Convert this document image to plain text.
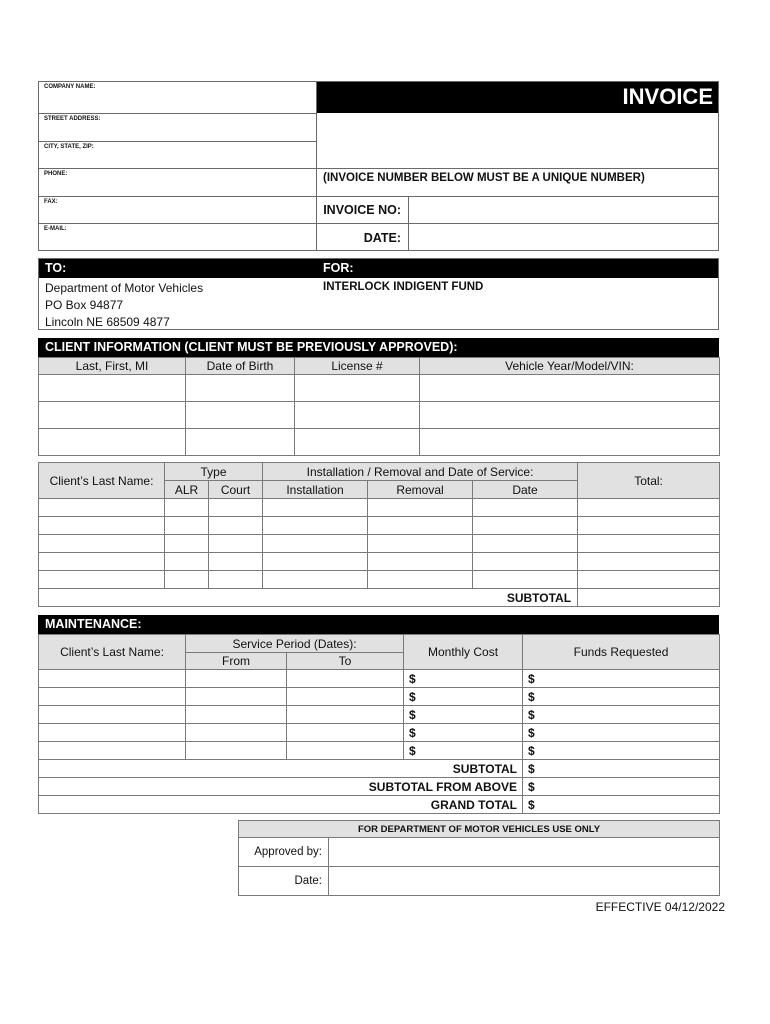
INVOICE
COMPANY NAME:
STREET ADDRESS:
CITY, STATE, ZIP:
PHONE:
FAX:
E-MAIL:
(INVOICE NUMBER BELOW MUST BE A UNIQUE NUMBER)
INVOICE NO:
DATE:
TO:	FOR:
Department of Motor Vehicles
PO Box 94877
Lincoln NE 68509 4877
INTERLOCK INDIGENT FUND
CLIENT INFORMATION (CLIENT MUST BE PREVIOUSLY APPROVED):
Last, First, MI	Date of Birth	License #	Vehicle Year/Model/VIN:

Client’s Last Name:	Type		Installation / Removal and Date of Service:			Total:
	ALR	Court	Installation	Removal	Date	

SUBTOTAL						
MAINTENANCE:
Client’s Last Name:	Service Period (Dates):		Monthly Cost	Funds Requested
	From	To		
			$	$
			$	$
			$	$
			$	$
			$	$
SUBTOTAL				$
SUBTOTAL FROM ABOVE				$
GRAND TOTAL				$
FOR DEPARTMENT OF MOTOR VEHICLES USE ONLY	
Approved by:	
Date:	
EFFECTIVE 04/12/2022
